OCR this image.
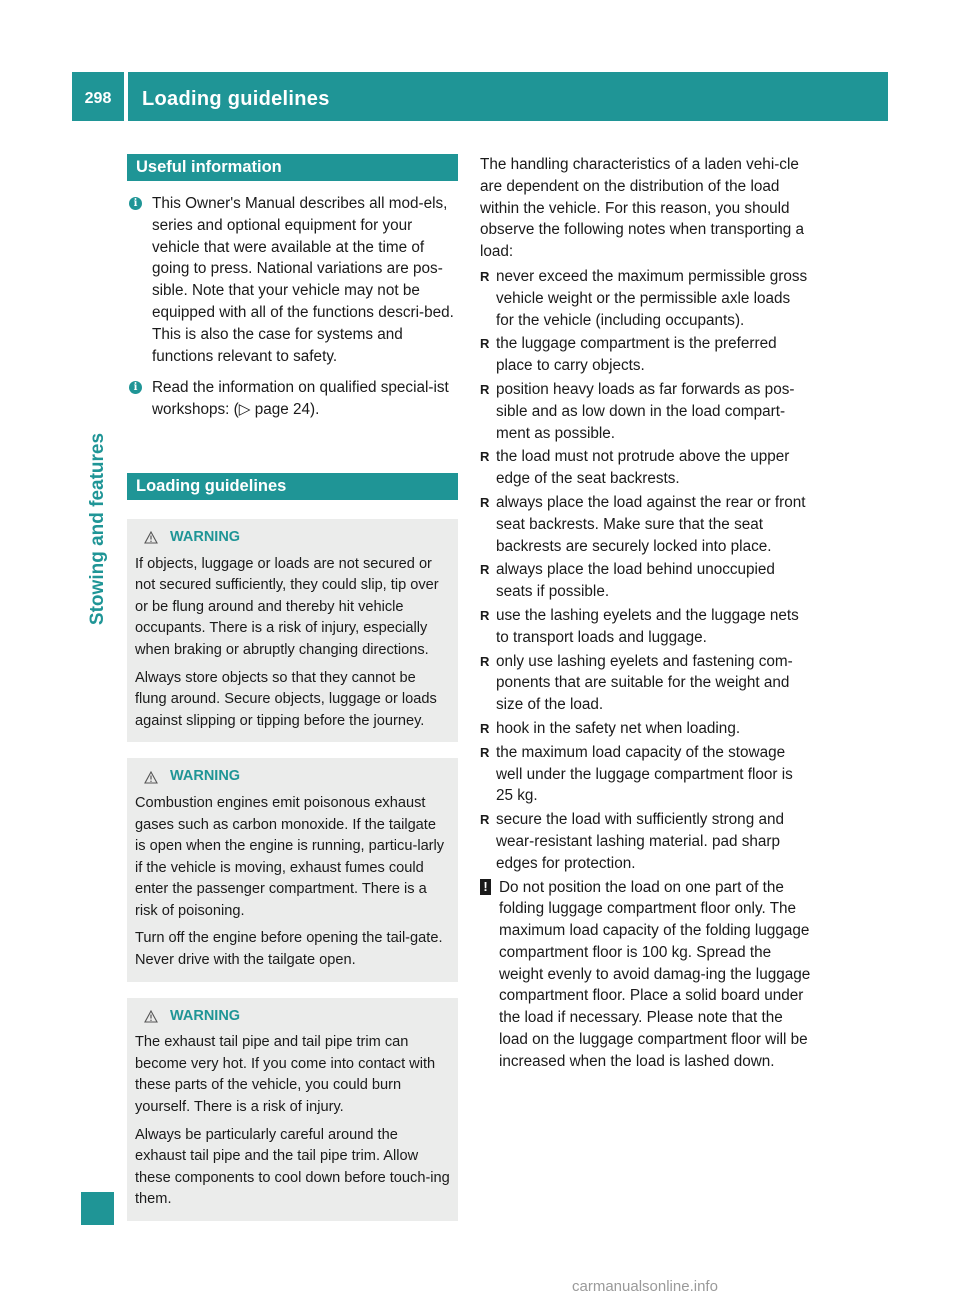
298	Loading guidelines
Stowing and features
Useful information
i This Owner's Manual describes all mod-els, series and optional equipment for your vehicle that were available at the time of going to press. National variations are pos-sible. Note that your vehicle may not be equipped with all of the functions descri-bed. This is also the case for systems and functions relevant to safety.

i Read the information on qualified special-ist workshops: (▷ page 24).

Loading guidelines
WARNING

If objects, luggage or loads are not secured or not secured sufficiently, they could slip, tip over or be flung around and thereby hit vehicle occupants. There is a risk of injury, especially when braking or abruptly changing directions.

Always store objects so that they cannot be flung around. Secure objects, luggage or loads against slipping or tipping before the journey.

WARNING

Combustion engines emit poisonous exhaust gases such as carbon monoxide. If the tailgate is open when the engine is running, particu-larly if the vehicle is moving, exhaust fumes could enter the passenger compartment. There is a risk of poisoning.

Turn off the engine before opening the tail-gate. Never drive with the tailgate open.

WARNING

The exhaust tail pipe and tail pipe trim can become very hot. If you come into contact with these parts of the vehicle, you could burn yourself. There is a risk of injury.

Always be particularly careful around the exhaust tail pipe and the tail pipe trim. Allow these components to cool down before touch-ing them.

The handling characteristics of a laden vehi-cle are dependent on the distribution of the load within the vehicle. For this reason, you should observe the following notes when transporting a load:

R never exceed the maximum permissible gross vehicle weight or the permissible axle loads for the vehicle (including occupants).
R the luggage compartment is the preferred place to carry objects.
R position heavy loads as far forwards as pos-sible and as low down in the load compart-ment as possible.
R the load must not protrude above the upper edge of the seat backrests.
R always place the load against the rear or front seat backrests. Make sure that the seat backrests are securely locked into place.
R always place the load behind unoccupied seats if possible.
R use the lashing eyelets and the luggage nets to transport loads and luggage.
R only use lashing eyelets and fastening com-ponents that are suitable for the weight and size of the load.
R hook in the safety net when loading.
R the maximum load capacity of the stowage well under the luggage compartment floor is 25 kg.
R secure the load with sufficiently strong and wear-resistant lashing material. pad sharp edges for protection.
! Do not position the load on one part of the folding luggage compartment floor only. The maximum load capacity of the folding luggage compartment floor is 100 kg. Spread the weight evenly to avoid damag-ing the luggage compartment floor. Place a solid board under the load if necessary. Please note that the load on the luggage compartment floor will be increased when the load is lashed down.

carmanualsonline.info
